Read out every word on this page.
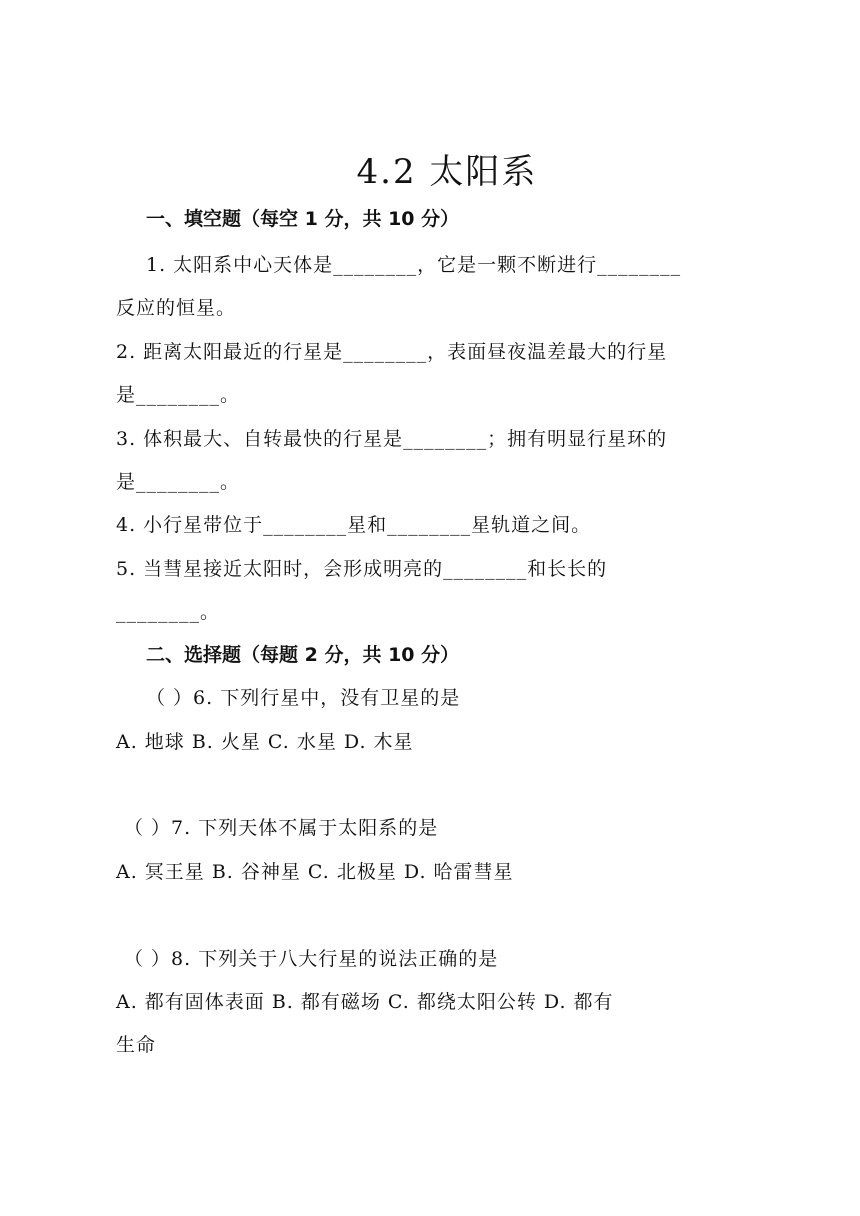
4.2 太阳系
一、填空题（每空 1 分，共 10 分）
1. 太阳系中心天体是________，它是一颗不断进行________
反应的恒星。
2. 距离太阳最近的行星是________，表面昼夜温差最大的行星
是________。
3. 体积最大、自转最快的行星是________；拥有明显行星环的
是________。
4. 小行星带位于________星和________星轨道之间。
5. 当彗星接近太阳时，会形成明亮的________和长长的
________。
二、选择题（每题 2 分，共 10 分）
（ ）6. 下列行星中，没有卫星的是
A. 地球 B. 火星 C. 水星 D. 木星
（ ）7. 下列天体不属于太阳系的是
A. 冥王星 B. 谷神星 C. 北极星 D. 哈雷彗星
（ ）8. 下列关于八大行星的说法正确的是
A. 都有固体表面 B. 都有磁场 C. 都绕太阳公转 D. 都有
生命
